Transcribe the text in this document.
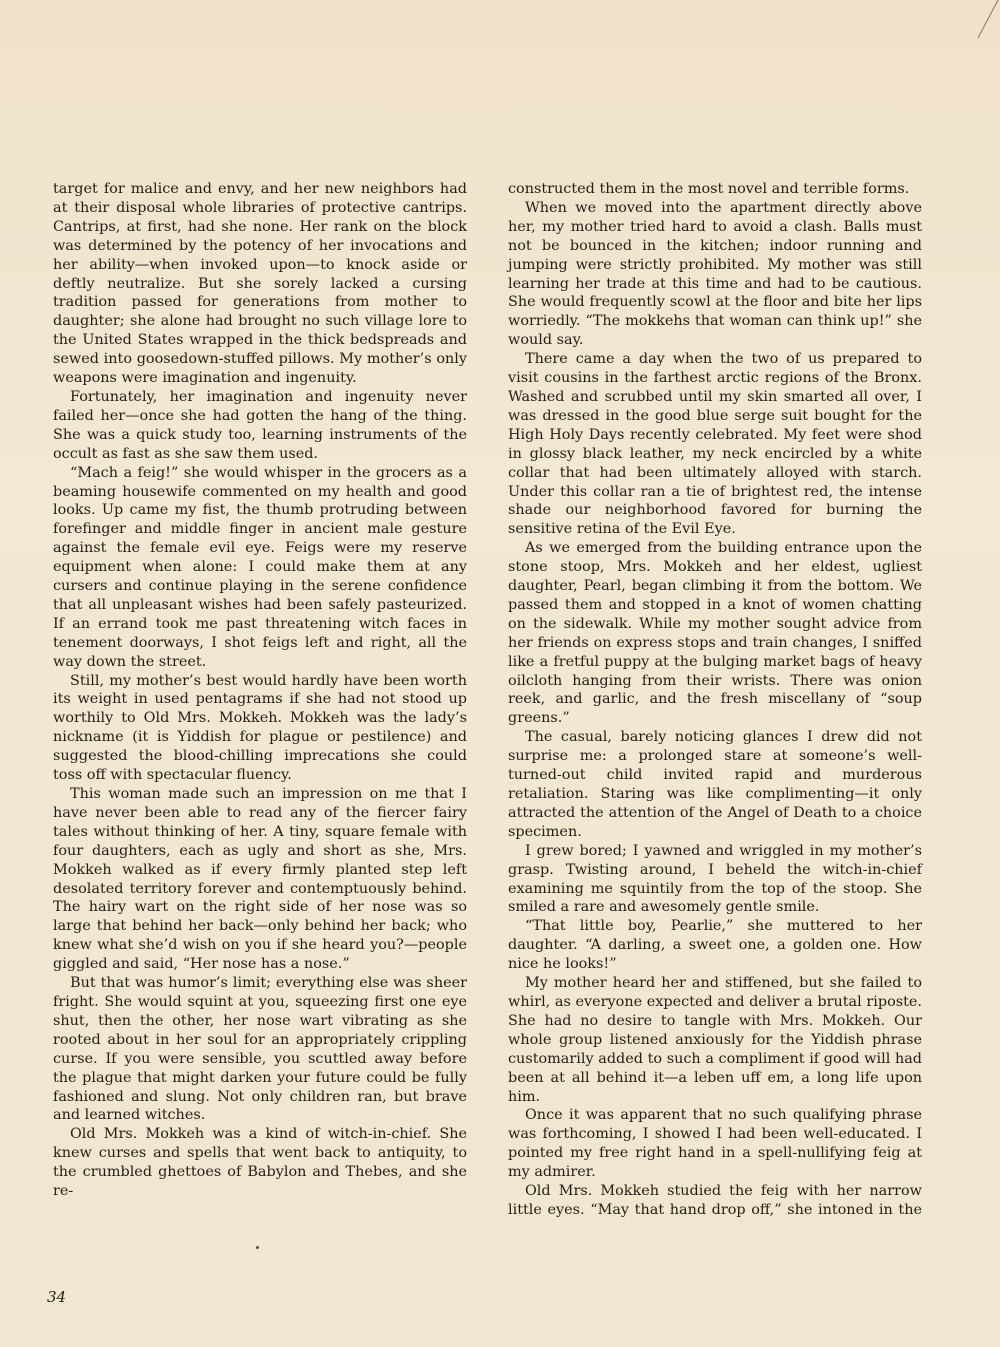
target for malice and envy, and her new neighbors had at their disposal whole libraries of protective cantrips. Cantrips, at first, had she none. Her rank on the block was determined by the potency of her invocations and her ability—when invoked upon—to knock aside or deftly neutralize. But she sorely lacked a cursing tradition passed for generations from mother to daughter; she alone had brought no such village lore to the United States wrapped in the thick bedspreads and sewed into goosedown-stuffed pillows. My mother’s only weapons were imagination and ingenuity.

Fortunately, her imagination and ingenuity never failed her—once she had gotten the hang of the thing. She was a quick study too, learning instruments of the occult as fast as she saw them used.

“Mach a feig!” she would whisper in the grocers as a beaming housewife commented on my health and good looks. Up came my fist, the thumb protruding between forefinger and middle finger in ancient male gesture against the female evil eye. Feigs were my reserve equipment when alone: I could make them at any cursers and continue playing in the serene confidence that all unpleasant wishes had been safely pasteurized. If an errand took me past threatening witch faces in tenement doorways, I shot feigs left and right, all the way down the street.

Still, my mother’s best would hardly have been worth its weight in used pentagrams if she had not stood up worthily to Old Mrs. Mokkeh. Mokkeh was the lady’s nickname (it is Yiddish for plague or pestilence) and suggested the blood-chilling imprecations she could toss off with spectacular fluency.

This woman made such an impression on me that I have never been able to read any of the fiercer fairy tales without thinking of her. A tiny, square female with four daughters, each as ugly and short as she, Mrs. Mokkeh walked as if every firmly planted step left desolated territory forever and contemptuously behind. The hairy wart on the right side of her nose was so large that behind her back—only behind her back; who knew what she’d wish on you if she heard you?—people giggled and said, “Her nose has a nose.”

But that was humor’s limit; everything else was sheer fright. She would squint at you, squeezing first one eye shut, then the other, her nose wart vibrating as she rooted about in her soul for an appropriately crippling curse. If you were sensible, you scuttled away before the plague that might darken your future could be fully fashioned and slung. Not only children ran, but brave and learned witches.

Old Mrs. Mokkeh was a kind of witch-in-chief. She knew curses and spells that went back to antiquity, to the crumbled ghettoes of Babylon and Thebes, and she re-

constructed them in the most novel and terrible forms.

When we moved into the apartment directly above her, my mother tried hard to avoid a clash. Balls must not be bounced in the kitchen; indoor running and jumping were strictly prohibited. My mother was still learning her trade at this time and had to be cautious. She would frequently scowl at the floor and bite her lips worriedly. “The mokkehs that woman can think up!” she would say.

There came a day when the two of us prepared to visit cousins in the farthest arctic regions of the Bronx. Washed and scrubbed until my skin smarted all over, I was dressed in the good blue serge suit bought for the High Holy Days recently celebrated. My feet were shod in glossy black leather, my neck encircled by a white collar that had been ultimately alloyed with starch. Under this collar ran a tie of brightest red, the intense shade our neighborhood favored for burning the sensitive retina of the Evil Eye.

As we emerged from the building entrance upon the stone stoop, Mrs. Mokkeh and her eldest, ugliest daughter, Pearl, began climbing it from the bottom. We passed them and stopped in a knot of women chatting on the sidewalk. While my mother sought advice from her friends on express stops and train changes, I sniffed like a fretful puppy at the bulging market bags of heavy oilcloth hanging from their wrists. There was onion reek, and garlic, and the fresh miscellany of “soup greens.”

The casual, barely noticing glances I drew did not surprise me: a prolonged stare at someone’s well-turned-out child invited rapid and murderous retaliation. Staring was like complimenting—it only attracted the attention of the Angel of Death to a choice specimen.

I grew bored; I yawned and wriggled in my mother’s grasp. Twisting around, I beheld the witch-in-chief examining me squintily from the top of the stoop. She smiled a rare and awesomely gentle smile.

“That little boy, Pearlie,” she muttered to her daughter. “A darling, a sweet one, a golden one. How nice he looks!”

My mother heard her and stiffened, but she failed to whirl, as everyone expected and deliver a brutal riposte. She had no desire to tangle with Mrs. Mokkeh. Our whole group listened anxiously for the Yiddish phrase customarily added to such a compliment if good will had been at all behind it—a leben uff em, a long life upon him.

Once it was apparent that no such qualifying phrase was forthcoming, I showed I had been well-educated. I pointed my free right hand in a spell-nullifying feig at my admirer.

Old Mrs. Mokkeh studied the feig with her narrow little eyes. “May that hand drop off,” she intoned in the

34
